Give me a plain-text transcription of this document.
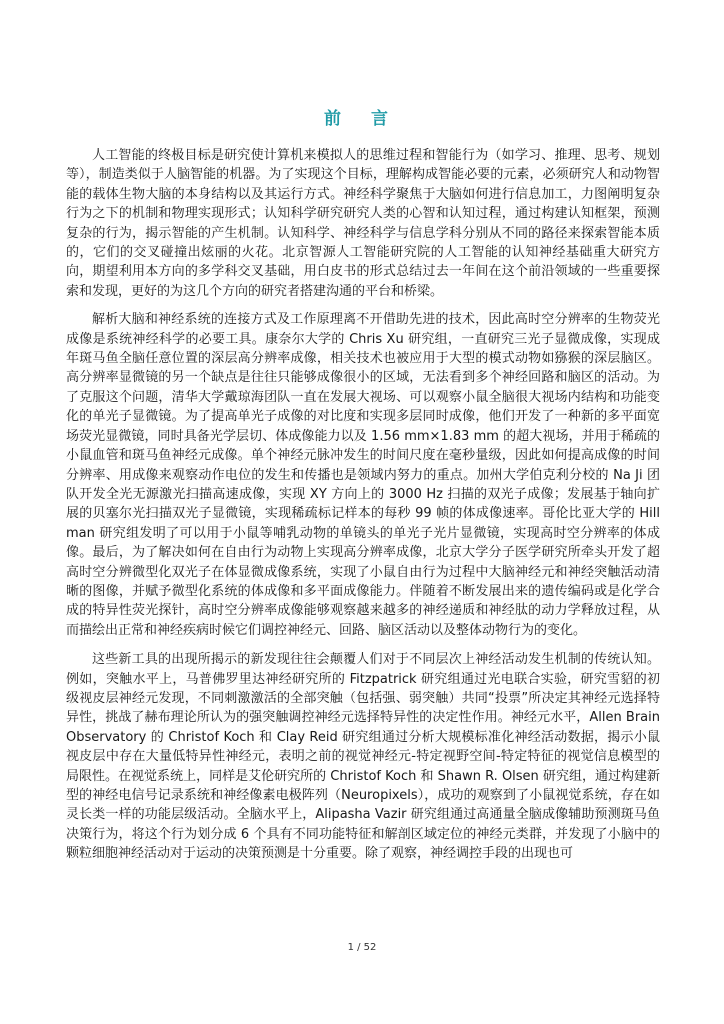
前 言

人工智能的终极目标是研究使计算机来模拟人的思维过程和智能行为（如学习、推理、思考、规划等），制造类似于人脑智能的机器。为了实现这个目标，理解构成智能必要的元素，必须研究人和动物智能的载体生物大脑的本身结构以及其运行方式。神经科学聚焦于大脑如何进行信息加工，力图阐明复杂行为之下的机制和物理实现形式；认知科学研究研究人类的心智和认知过程，通过构建认知框架，预测复杂的行为，揭示智能的产生机制。认知科学、神经科学与信息学科分别从不同的路径来探索智能本质的，它们的交叉碰撞出炫丽的火花。北京智源人工智能研究院的人工智能的认知神经基础重大研究方向，期望利用本方向的多学科交叉基础，用白皮书的形式总结过去一年间在这个前沿领域的一些重要探索和发现，更好的为这几个方向的研究者搭建沟通的平台和桥梁。

解析大脑和神经系统的连接方式及工作原理离不开借助先进的技术，因此高时空分辨率的生物荧光成像是系统神经科学的必要工具。康奈尔大学的 Chris Xu 研究组，一直研究三光子显微成像，实现成年斑马鱼全脑任意位置的深层高分辨率成像，相关技术也被应用于大型的模式动物如猕猴的深层脑区。高分辨率显微镜的另一个缺点是往往只能够成像很小的区域，无法看到多个神经回路和脑区的活动。为了克服这个问题，清华大学戴琼海团队一直在发展大视场、可以观察小鼠全脑很大视场内结构和功能变化的单光子显微镜。为了提高单光子成像的对比度和实现多层同时成像，他们开发了一种新的多平面宽场荧光显微镜，同时具备光学层切、体成像能力以及 1.56 mm×1.83 mm 的超大视场，并用于稀疏的小鼠血管和斑马鱼神经元成像。单个神经元脉冲发生的时间尺度在毫秒量级，因此如何提高成像的时间分辨率、用成像来观察动作电位的发生和传播也是领域内努力的重点。加州大学伯克利分校的 Na Ji 团队开发全光无源激光扫描高速成像，实现 XY 方向上的 3000 Hz 扫描的双光子成像；发展基于轴向扩展的贝塞尔光扫描双光子显微镜，实现稀疏标记样本的每秒 99 帧的体成像速率。哥伦比亚大学的 Hillman 研究组发明了可以用于小鼠等哺乳动物的单镜头的单光子光片显微镜，实现高时空分辨率的体成像。最后，为了解决如何在自由行为动物上实现高分辨率成像，北京大学分子医学研究所牵头开发了超高时空分辨微型化双光子在体显微成像系统，实现了小鼠自由行为过程中大脑神经元和神经突触活动清晰的图像，并赋予微型化系统的体成像和多平面成像能力。伴随着不断发展出来的遗传编码或是化学合成的特异性荧光探针，高时空分辨率成像能够观察越来越多的神经递质和神经肽的动力学释放过程，从而描绘出正常和神经疾病时候它们调控神经元、回路、脑区活动以及整体动物行为的变化。

这些新工具的出现所揭示的新发现往往会颠覆人们对于不同层次上神经活动发生机制的传统认知。例如，突触水平上，马普佛罗里达神经研究所的 Fitzpatrick 研究组通过光电联合实验，研究雪貂的初级视皮层神经元发现，不同刺激激活的全部突触（包括强、弱突触）共同“投票”所决定其神经元选择特异性，挑战了赫布理论所认为的强突触调控神经元选择特异性的决定性作用。神经元水平，Allen Brain Observatory 的 Christof Koch 和 Clay Reid 研究组通过分析大规模标准化神经活动数据，揭示小鼠视皮层中存在大量低特异性神经元，表明之前的视觉神经元-特定视野空间-特定特征的视觉信息模型的局限性。在视觉系统上，同样是艾伦研究所的 Christof Koch 和 Shawn R. Olsen 研究组，通过构建新型的神经电信号记录系统和神经像素电极阵列（Neuropixels），成功的观察到了小鼠视觉系统，存在如灵长类一样的功能层级活动。全脑水平上，Alipasha Vazir 研究组通过高通量全脑成像辅助预测斑马鱼决策行为，将这个行为划分成 6 个具有不同功能特征和解剖区域定位的神经元类群，并发现了小脑中的颗粒细胞神经活动对于运动的决策预测是十分重要。除了观察，神经调控手段的出现也可

1 / 52
